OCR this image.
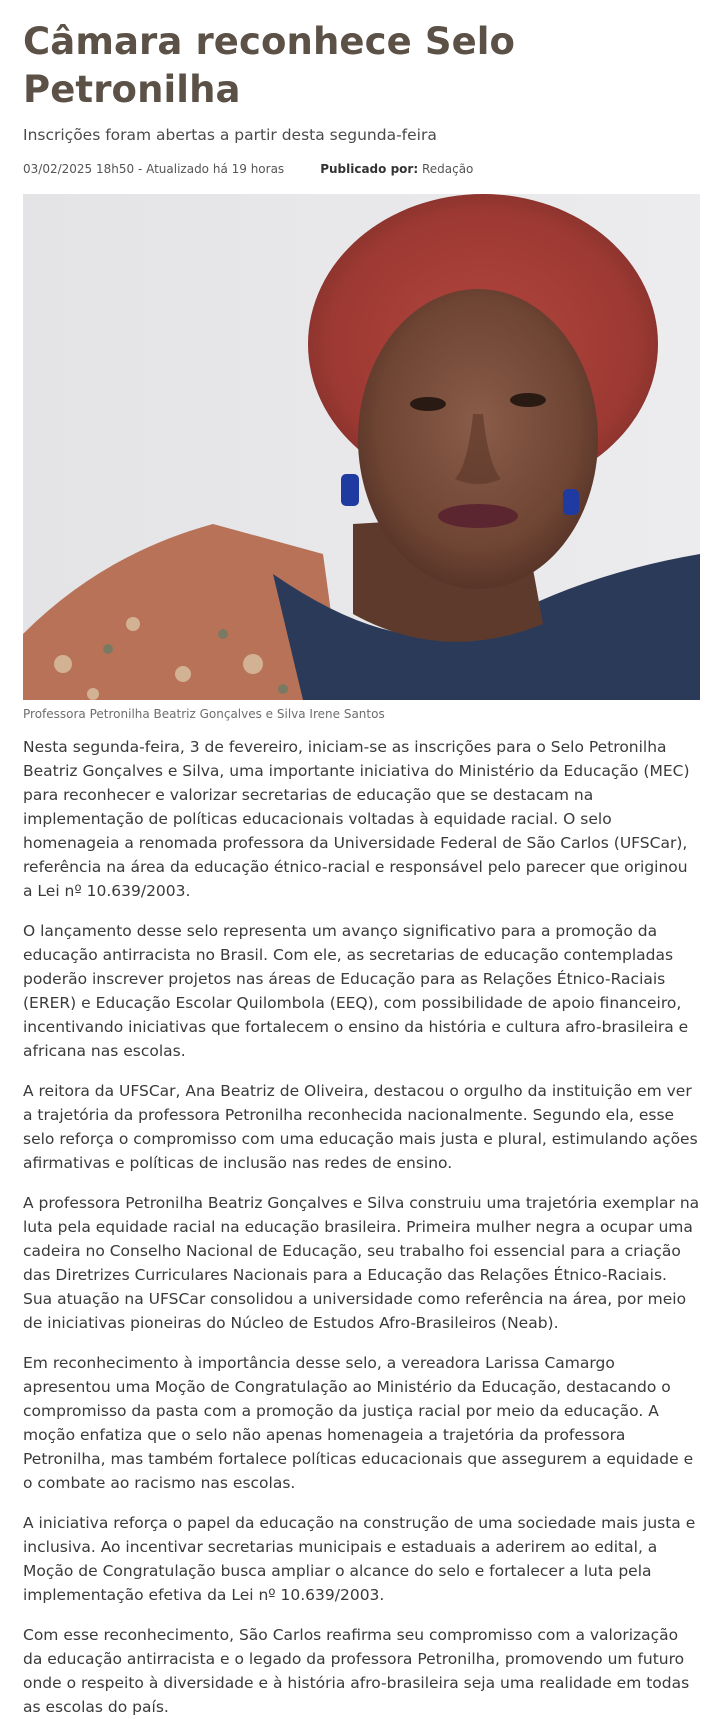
Câmara reconhece Selo Petronilha

Inscrições foram abertas a partir desta segunda-feira

03/02/2025 18h50 - Atualizado há 19 horas	Publicado por: Redação
Professora Petronilha Beatriz Gonçalves e Silva Irene Santos

Nesta segunda-feira, 3 de fevereiro, iniciam-se as inscrições para o Selo Petronilha Beatriz Gonçalves e Silva, uma importante iniciativa do Ministério da Educação (MEC) para reconhecer e valorizar secretarias de educação que se destacam na implementação de políticas educacionais voltadas à equidade racial. O selo homenageia a renomada professora da Universidade Federal de São Carlos (UFSCar), referência na área da educação étnico-racial e responsável pelo parecer que originou a Lei nº 10.639/2003.

O lançamento desse selo representa um avanço significativo para a promoção da educação antirracista no Brasil. Com ele, as secretarias de educação contempladas poderão inscrever projetos nas áreas de Educação para as Relações Étnico-Raciais (ERER) e Educação Escolar Quilombola (EEQ), com possibilidade de apoio financeiro, incentivando iniciativas que fortalecem o ensino da história e cultura afro-brasileira e africana nas escolas.

A reitora da UFSCar, Ana Beatriz de Oliveira, destacou o orgulho da instituição em ver a trajetória da professora Petronilha reconhecida nacionalmente. Segundo ela, esse selo reforça o compromisso com uma educação mais justa e plural, estimulando ações afirmativas e políticas de inclusão nas redes de ensino.

A professora Petronilha Beatriz Gonçalves e Silva construiu uma trajetória exemplar na luta pela equidade racial na educação brasileira. Primeira mulher negra a ocupar uma cadeira no Conselho Nacional de Educação, seu trabalho foi essencial para a criação das Diretrizes Curriculares Nacionais para a Educação das Relações Étnico-Raciais. Sua atuação na UFSCar consolidou a universidade como referência na área, por meio de iniciativas pioneiras do Núcleo de Estudos Afro-Brasileiros (Neab).

Em reconhecimento à importância desse selo, a vereadora Larissa Camargo apresentou uma Moção de Congratulação ao Ministério da Educação, destacando o compromisso da pasta com a promoção da justiça racial por meio da educação. A moção enfatiza que o selo não apenas homenageia a trajetória da professora Petronilha, mas também fortalece políticas educacionais que assegurem a equidade e o combate ao racismo nas escolas.

A iniciativa reforça o papel da educação na construção de uma sociedade mais justa e inclusiva. Ao incentivar secretarias municipais e estaduais a aderirem ao edital, a Moção de Congratulação busca ampliar o alcance do selo e fortalecer a luta pela implementação efetiva da Lei nº 10.639/2003.

Com esse reconhecimento, São Carlos reafirma seu compromisso com a valorização da educação antirracista e o legado da professora Petronilha, promovendo um futuro onde o respeito à diversidade e à história afro-brasileira seja uma realidade em todas as escolas do país.
